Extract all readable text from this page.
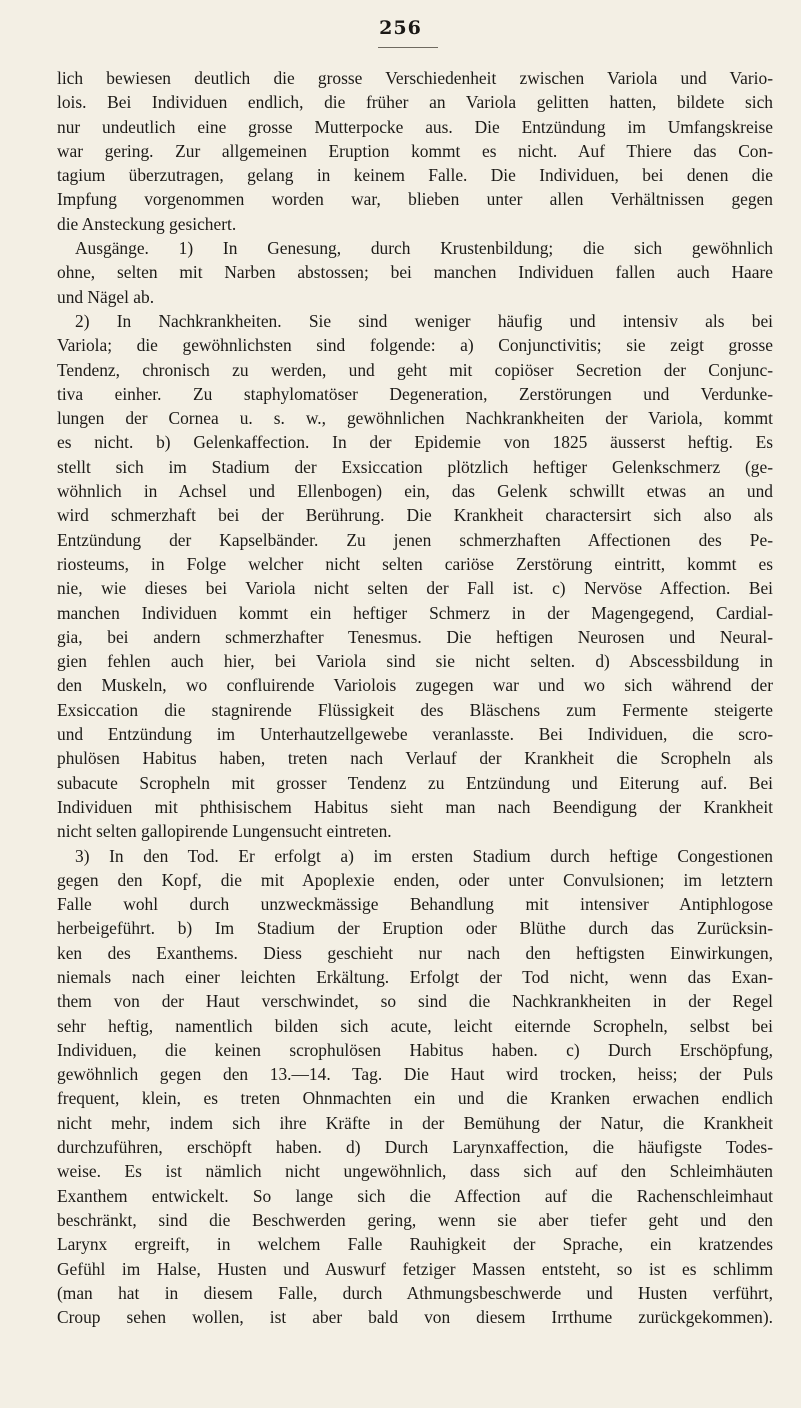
256
lich bewiesen deutlich die grosse Verschiedenheit zwischen Variola und Vario-
lois. Bei Individuen endlich, die früher an Variola gelitten hatten, bildete sich
nur undeutlich eine grosse Mutterpocke aus. Die Entzündung im Umfangskreise
war gering. Zur allgemeinen Eruption kommt es nicht. Auf Thiere das Con-
tagium überzutragen, gelang in keinem Falle. Die Individuen, bei denen die
Impfung vorgenommen worden war, blieben unter allen Verhältnissen gegen
die Ansteckung gesichert.
Ausgänge. 1) In Genesung, durch Krustenbildung; die sich gewöhnlich
ohne, selten mit Narben abstossen; bei manchen Individuen fallen auch Haare
und Nägel ab.
2) In Nachkrankheiten. Sie sind weniger häufig und intensiv als bei
Variola; die gewöhnlichsten sind folgende: a) Conjunctivitis; sie zeigt grosse
Tendenz, chronisch zu werden, und geht mit copiöser Secretion der Conjunc-
tiva einher. Zu staphylomatöser Degeneration, Zerstörungen und Verdunke-
lungen der Cornea u. s. w., gewöhnlichen Nachkrankheiten der Variola, kommt
es nicht. b) Gelenkaffection. In der Epidemie von 1825 äusserst heftig. Es
stellt sich im Stadium der Exsiccation plötzlich heftiger Gelenkschmerz (ge-
wöhnlich in Achsel und Ellenbogen) ein, das Gelenk schwillt etwas an und
wird schmerzhaft bei der Berührung. Die Krankheit charactersirt sich also als
Entzündung der Kapselbänder. Zu jenen schmerzhaften Affectionen des Pe-
riosteums, in Folge welcher nicht selten cariöse Zerstörung eintritt, kommt es
nie, wie dieses bei Variola nicht selten der Fall ist. c) Nervöse Affection. Bei
manchen Individuen kommt ein heftiger Schmerz in der Magengegend, Cardial-
gia, bei andern schmerzhafter Tenesmus. Die heftigen Neurosen und Neural-
gien fehlen auch hier, bei Variola sind sie nicht selten. d) Abscessbildung in
den Muskeln, wo confluirende Variolois zugegen war und wo sich während der
Exsiccation die stagnirende Flüssigkeit des Bläschens zum Fermente steigerte
und Entzündung im Unterhautzellgewebe veranlasste. Bei Individuen, die scro-
phulösen Habitus haben, treten nach Verlauf der Krankheit die Scropheln als
subacute Scropheln mit grosser Tendenz zu Entzündung und Eiterung auf. Bei
Individuen mit phthisischem Habitus sieht man nach Beendigung der Krankheit
nicht selten gallopirende Lungensucht eintreten.
3) In den Tod. Er erfolgt a) im ersten Stadium durch heftige Congestionen
gegen den Kopf, die mit Apoplexie enden, oder unter Convulsionen; im letztern
Falle wohl durch unzweckmässige Behandlung mit intensiver Antiphlogose
herbeigeführt. b) Im Stadium der Eruption oder Blüthe durch das Zurücksin-
ken des Exanthems. Diess geschieht nur nach den heftigsten Einwirkungen,
niemals nach einer leichten Erkältung. Erfolgt der Tod nicht, wenn das Exan-
them von der Haut verschwindet, so sind die Nachkrankheiten in der Regel
sehr heftig, namentlich bilden sich acute, leicht eiternde Scropheln, selbst bei
Individuen, die keinen scrophulösen Habitus haben. c) Durch Erschöpfung,
gewöhnlich gegen den 13.—14. Tag. Die Haut wird trocken, heiss; der Puls
frequent, klein, es treten Ohnmachten ein und die Kranken erwachen endlich
nicht mehr, indem sich ihre Kräfte in der Bemühung der Natur, die Krankheit
durchzuführen, erschöpft haben. d) Durch Larynxaffection, die häufigste Todes-
weise. Es ist nämlich nicht ungewöhnlich, dass sich auf den Schleimhäuten
Exanthem entwickelt. So lange sich die Affection auf die Rachenschleimhaut
beschränkt, sind die Beschwerden gering, wenn sie aber tiefer geht und den
Larynx ergreift, in welchem Falle Rauhigkeit der Sprache, ein kratzendes
Gefühl im Halse, Husten und Auswurf fetziger Massen entsteht, so ist es schlimm
(man hat in diesem Falle, durch Athmungsbeschwerde und Husten verführt,
Croup sehen wollen, ist aber bald von diesem Irrthume zurückgekommen).
